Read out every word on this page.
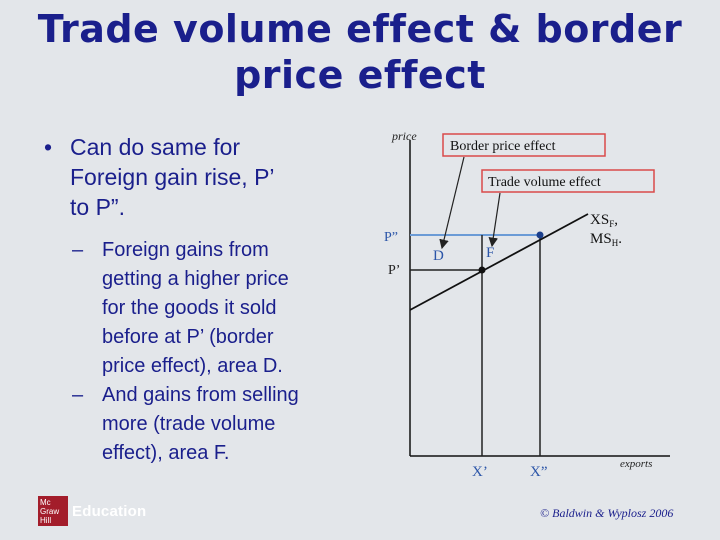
Trade volume effect & border
price effect
• Can do same for
Foreign gain rise, P’
to P”.
– Foreign gains from
getting a higher price
for the goods it sold
before at P’ (border
price effect), area D.
– And gains from selling
more (trade volume
effect), area F.
price
exports
P”
P’
D	F
X’	X”
$XS_F$,
$MS_H$.
Border price effect
Trade volume effect
Mc
Graw
Hill
Education	© Baldwin & Wyplosz 2006
